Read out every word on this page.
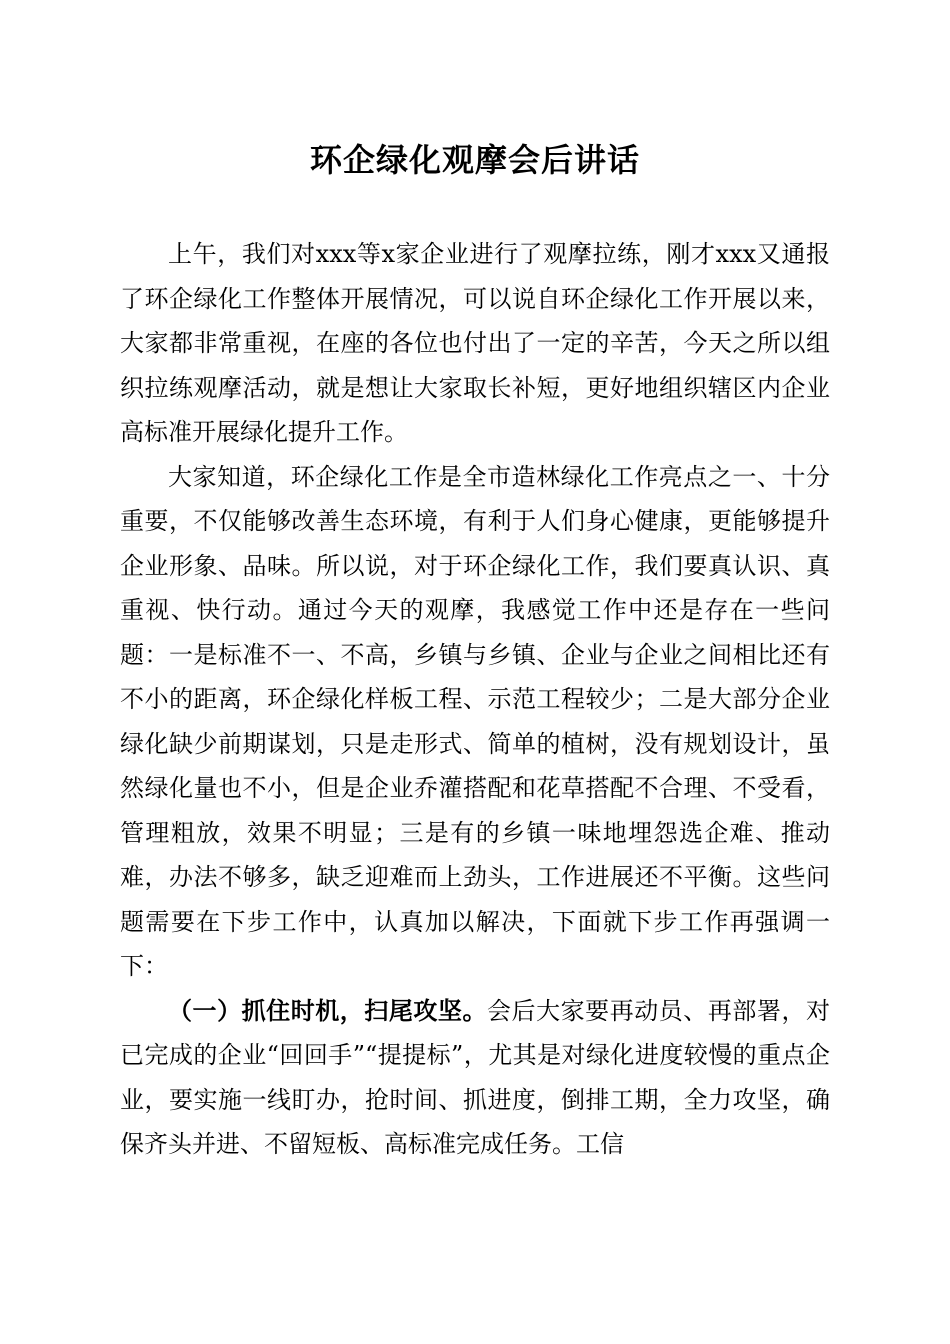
环企绿化观摩会后讲话

上午，我们对xxx等x家企业进行了观摩拉练，刚才xxx又通报了环企绿化工作整体开展情况，可以说自环企绿化工作开展以来，大家都非常重视，在座的各位也付出了一定的辛苦，今天之所以组织拉练观摩活动，就是想让大家取长补短，更好地组织辖区内企业高标准开展绿化提升工作。

大家知道，环企绿化工作是全市造林绿化工作亮点之一、十分重要，不仅能够改善生态环境，有利于人们身心健康，更能够提升企业形象、品味。所以说，对于环企绿化工作，我们要真认识、真重视、快行动。通过今天的观摩，我感觉工作中还是存在一些问题：一是标准不一、不高，乡镇与乡镇、企业与企业之间相比还有不小的距离，环企绿化样板工程、示范工程较少；二是大部分企业绿化缺少前期谋划，只是走形式、简单的植树，没有规划设计，虽然绿化量也不小，但是企业乔灌搭配和花草搭配不合理、不受看，管理粗放，效果不明显；三是有的乡镇一味地埋怨选企难、推动难，办法不够多，缺乏迎难而上劲头，工作进展还不平衡。这些问题需要在下步工作中，认真加以解决，下面就下步工作再强调一下：

（一）抓住时机，扫尾攻坚。会后大家要再动员、再部署，对已完成的企业“回回手”“提提标”，尤其是对绿化进度较慢的重点企业，要实施一线盯办，抢时间、抓进度，倒排工期，全力攻坚，确保齐头并进、不留短板、高标准完成任务。工信
